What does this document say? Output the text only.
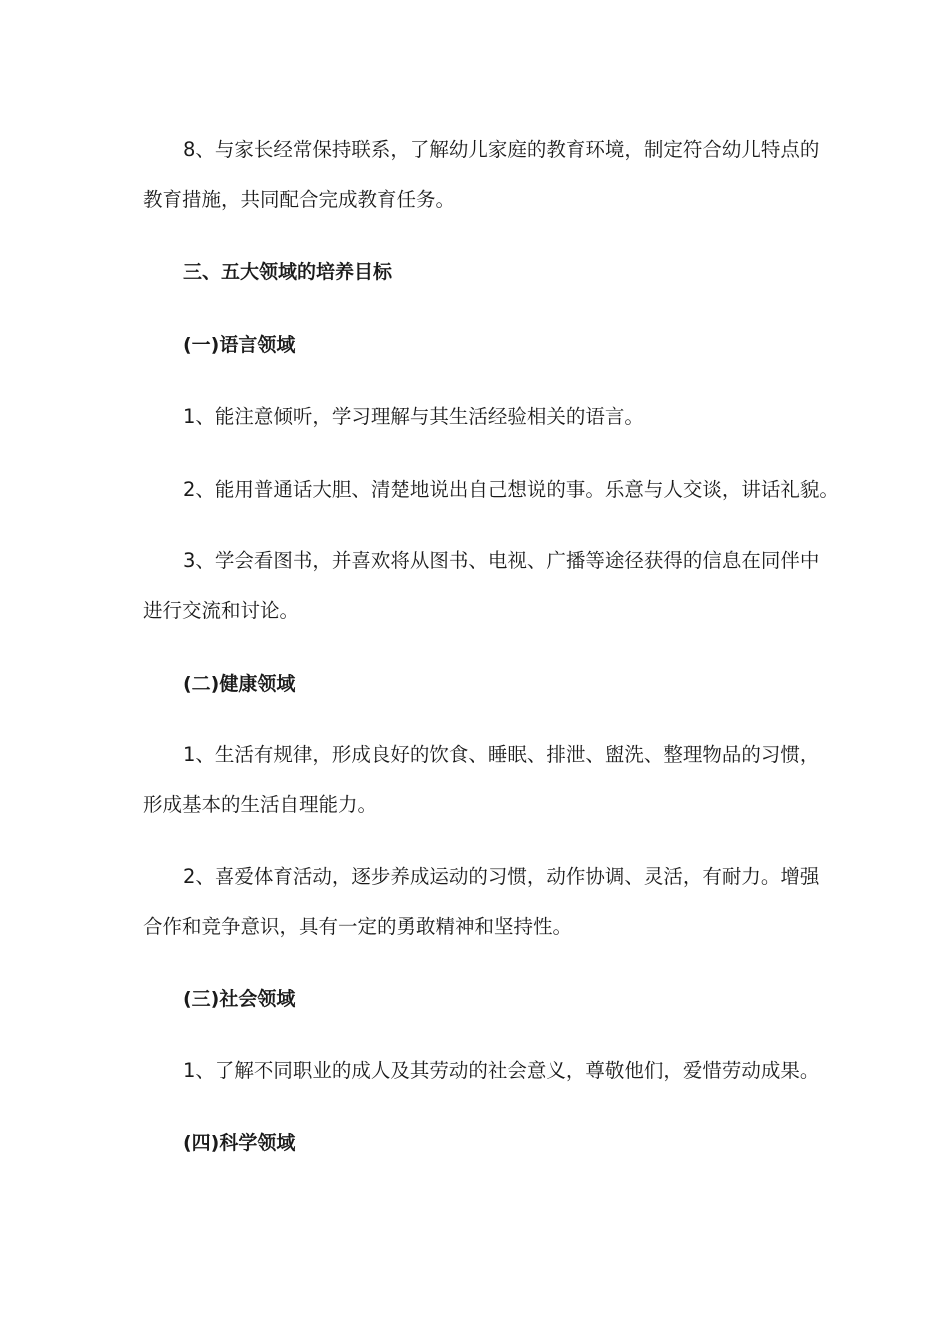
8、与家长经常保持联系，了解幼儿家庭的教育环境，制定符合幼儿特点的

教育措施，共同配合完成教育任务。

三、五大领域的培养目标

(一)语言领域

1、能注意倾听，学习理解与其生活经验相关的语言。

2、能用普通话大胆、清楚地说出自己想说的事。乐意与人交谈，讲话礼貌。

3、学会看图书，并喜欢将从图书、电视、广播等途径获得的信息在同伴中

进行交流和讨论。

(二)健康领域

1、生活有规律，形成良好的饮食、睡眠、排泄、盥洗、整理物品的习惯，

形成基本的生活自理能力。

2、喜爱体育活动，逐步养成运动的习惯，动作协调、灵活，有耐力。增强

合作和竞争意识，具有一定的勇敢精神和坚持性。

(三)社会领域

1、了解不同职业的成人及其劳动的社会意义，尊敬他们，爱惜劳动成果。

(四)科学领域
